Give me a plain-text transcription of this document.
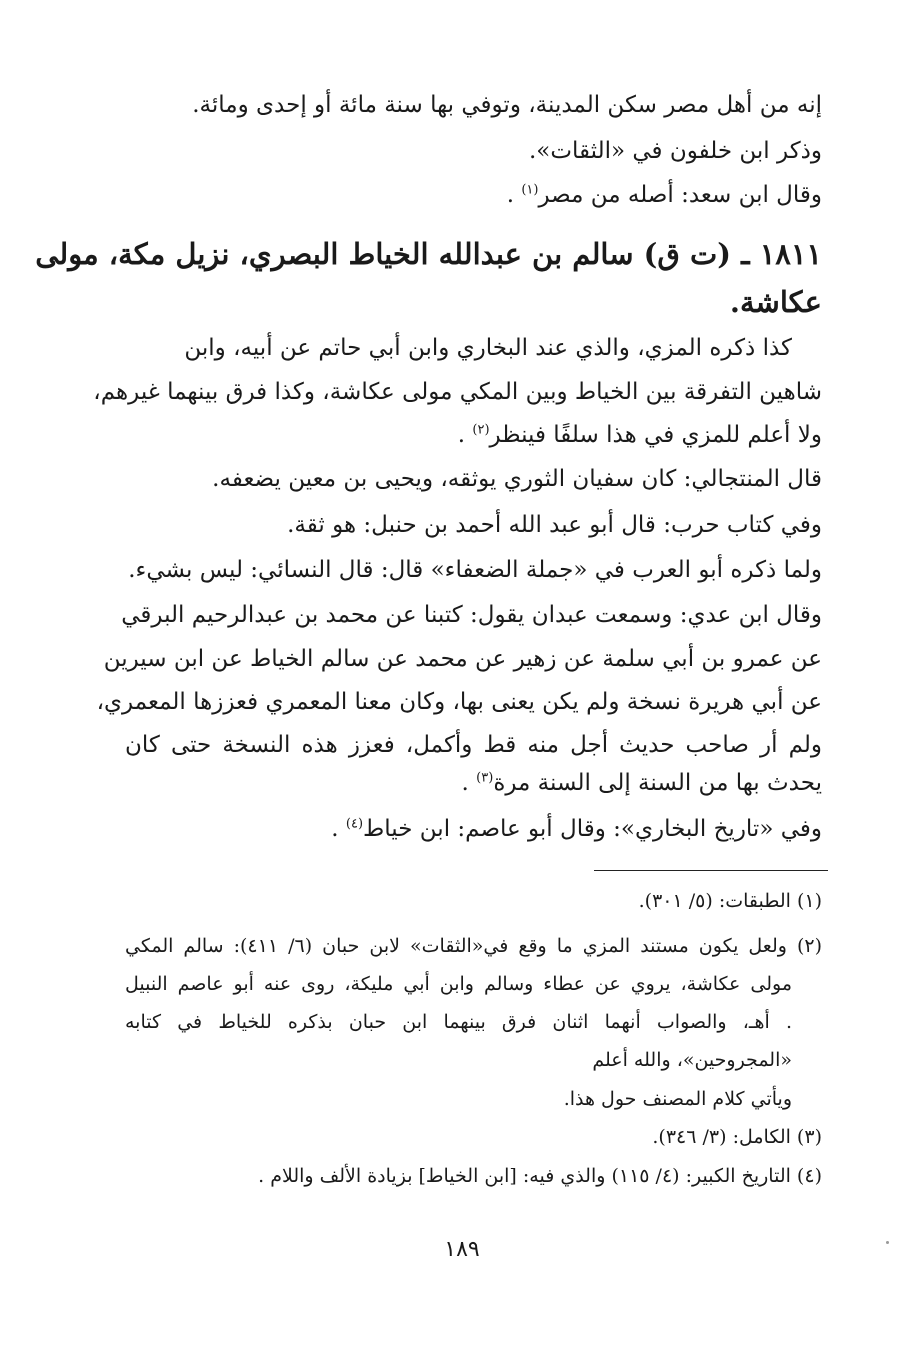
إنه من أهل مصر سكن المدينة، وتوفي بها سنة مائة أو إحدى ومائة.
وذكر ابن خلفون في «الثقات».
وقال ابن سعد: أصله من مصر$^{(١)}$ .
١٨١١ ـ (ت ق) سالم بن عبدالله الخياط البصري، نزيل مكة، مولى
عكاشة.
كذا ذكره المزي، والذي عند البخاري وابن أبي حاتم عن أبيه، وابن
شاهين التفرقة بين الخياط وبين المكي مولى عكاشة، وكذا فرق بينهما غيرهم،
ولا أعلم للمزي في هذا سلفًا فينظر$^{(٢)}$ .
قال المنتجالي: كان سفيان الثوري يوثقه، ويحيى بن معين يضعفه.
وفي كتاب حرب: قال أبو عبد الله أحمد بن حنبل: هو ثقة.
ولما ذكره أبو العرب في «جملة الضعفاء» قال: قال النسائي: ليس بشيء.
وقال ابن عدي: وسمعت عبدان يقول: كتبنا عن محمد بن عبدالرحيم البرقي
عن عمرو بن أبي سلمة عن زهير عن محمد عن سالم الخياط عن ابن سيرين
عن أبي هريرة نسخة ولم يكن يعنى بها، وكان معنا المعمري فعززها المعمري،
ولم أر صاحب حديث أجل منه قط وأكمل، فعزز هذه النسخة حتى كان
يحدث بها من السنة إلى السنة مرة$^{(٣)}$ .
وفي «تاريخ البخاري»: وقال أبو عاصم: ابن خياط$^{(٤)}$ .
(١) الطبقات: (٥/ ٣٠١).
(٢) ولعل يكون مستند المزي ما وقع في«الثقات» لابن حبان (٦/ ٤١١): سالم المكي
مولى عكاشة، يروي عن عطاء وسالم وابن أبي مليكة، روى عنه أبو عاصم النبيل
. أهـ، والصواب أنهما اثنان فرق بينهما ابن حبان بذكره للخياط في كتابه
«المجروحين»، والله أعلم
ويأتي كلام المصنف حول هذا.
(٣) الكامل: (٣/ ٣٤٦).
(٤) التاريخ الكبير: (٤/ ١١٥) والذي فيه: [ابن الخياط] بزيادة الألف واللام .
١٨٩
